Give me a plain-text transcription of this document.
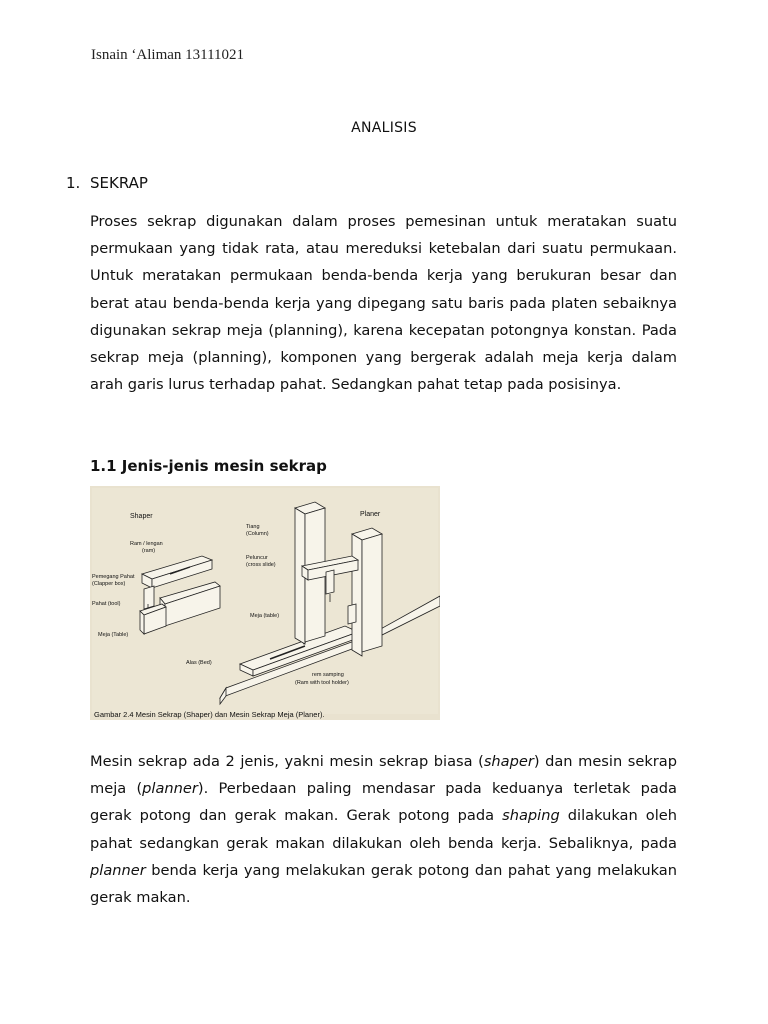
Isnain ‘Aliman 13111021
ANALISIS
1. SEKRAP

Proses sekrap digunakan dalam proses pemesinan untuk meratakan suatu permukaan yang tidak rata, atau mereduksi ketebalan dari suatu permukaan. Untuk meratakan permukaan benda-benda kerja yang berukuran besar dan berat atau benda-benda kerja yang dipegang satu baris pada platen sebaiknya digunakan sekrap meja (planning), karena kecepatan potongnya konstan. Pada sekrap meja (planning), komponen yang bergerak adalah meja kerja dalam arah garis lurus terhadap pahat. Sedangkan pahat tetap pada posisinya.

1.1 Jenis-jenis mesin sekrap
Shaper	Planer
Ram / lengan
(ram)
Pemegang Pahat
(Clapper box)
Pahat (tool)
Meja (Table)
Tiang
(Column)
Peluncur
(cross slide)
Meja (table)
Alas (Bed)
rem samping
(Ram with tool holder)
Gambar 2.4 Mesin Sekrap (Shaper) dan Mesin Sekrap Meja (Planer).

Mesin sekrap ada 2 jenis, yakni mesin sekrap biasa (shaper) dan mesin sekrap meja (planner). Perbedaan paling mendasar pada keduanya terletak pada gerak potong dan gerak makan. Gerak potong pada shaping dilakukan oleh pahat sedangkan gerak makan dilakukan oleh benda kerja. Sebaliknya, pada planner benda kerja yang melakukan gerak potong dan pahat yang melakukan gerak makan.
